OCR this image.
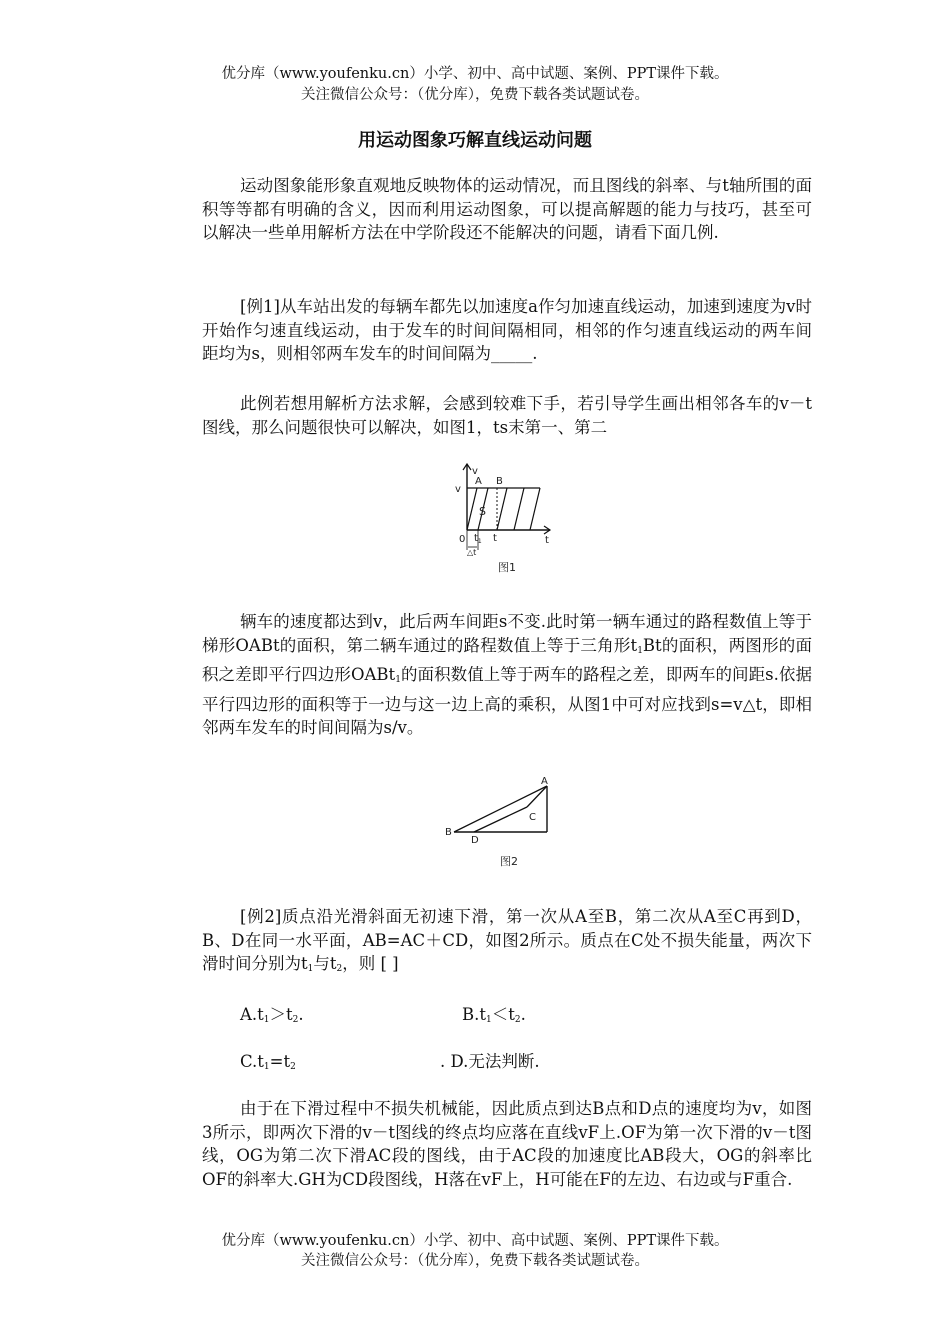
优分库（www.youfenku.cn）小学、初中、高中试题、案例、PPT课件下载。
关注微信公众号：（优分库），免费下载各类试题试卷。
用运动图象巧解直线运动问题

运动图象能形象直观地反映物体的运动情况，而且图线的斜率、与t轴所围的面积等等都有明确的含义，因而利用运动图象，可以提高解题的能力与技巧，甚至可以解决一些单用解析方法在中学阶段还不能解决的问题，请看下面几例.

[例1]从车站出发的每辆车都先以加速度a作匀加速直线运动，加速到速度为v时开始作匀速直线运动，由于发车的时间间隔相同，相邻的作匀速直线运动的两车间距均为s，则相邻两车发车的时间间隔为_____.

此例若想用解析方法求解，会感到较难下手，若引导学生画出相邻各车的v－t图线，那么问题很快可以解决，如图1，ts末第一、第二

v
v
A B
S
0 $t_1$ t	t
△t
图1

辆车的速度都达到v，此后两车间距s不变.此时第一辆车通过的路程数值上等于梯形OABt的面积，第二辆车通过的路程数值上等于三角形$t_1Bt$的面积，两图形的面积之差即平行四边形OABt$_1$的面积数值上等于两车的路程之差，即两车的间距s.依据平行四边形的面积等于一边与这一边上高的乘积，从图1中可对应找到s=v△t，即相邻两车发车的时间间隔为s/v。

A
B
C
D
图2

[例2]质点沿光滑斜面无初速下滑，第一次从A至B，第二次从A至C再到D，B、D在同一水平面，AB=AC＋CD，如图2所示。质点在C处不损失能量，两次下滑时间分别为$t_1$与$t_2$，则 [ ]

$A.t_1>t_2$.	$B.t_1<t_2$.
$C.t_1=t_2$	. D.无法判断.

由于在下滑过程中不损失机械能，因此质点到达B点和D点的速度均为v，如图3所示，即两次下滑的v－t图线的终点均应落在直线vF上.OF为第一次下滑的v－t图线，OG为第二次下滑AC段的图线，由于AC段的加速度比AB段大，OG的斜率比OF的斜率大.GH为CD段图线，H落在vF上，H可能在F的左边、右边或与F重合.

优分库（www.youfenku.cn）小学、初中、高中试题、案例、PPT课件下载。
关注微信公众号：（优分库），免费下载各类试题试卷。
